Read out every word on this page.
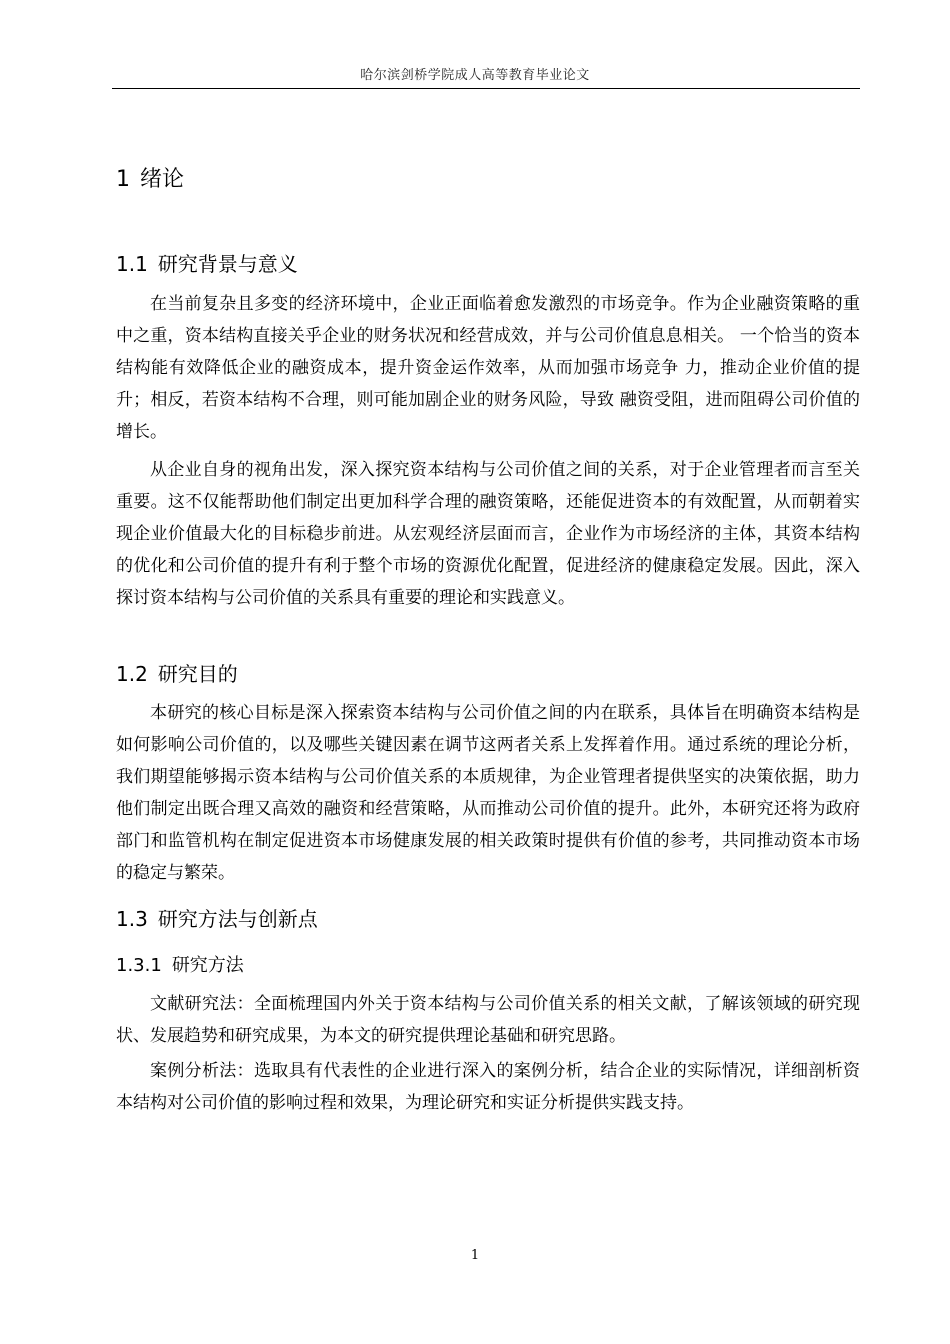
哈尔滨剑桥学院成人高等教育毕业论文
1 绪论
1.1 研究背景与意义

在当前复杂且多变的经济环境中，企业正面临着愈发激烈的市场竞争。作为企业融资策略的重中之重，资本结构直接关乎企业的财务状况和经营成效，并与公司价值息息相关。 一个恰当的资本结构能有效降低企业的融资成本，提升资金运作效率，从而加强市场竞争 力，推动企业价值的提升；相反，若资本结构不合理，则可能加剧企业的财务风险，导致 融资受阻，进而阻碍公司价值的增长。

从企业自身的视角出发，深入探究资本结构与公司价值之间的关系，对于企业管理者而言至关重要。这不仅能帮助他们制定出更加科学合理的融资策略，还能促进资本的有效配置，从而朝着实现企业价值最大化的目标稳步前进。从宏观经济层面而言，企业作为市场经济的主体，其资本结构的优化和公司价值的提升有利于整个市场的资源优化配置，促进经济的健康稳定发展。因此，深入探讨资本结构与公司价值的关系具有重要的理论和实践意义。

1.2 研究目的

本研究的核心目标是深入探索资本结构与公司价值之间的内在联系，具体旨在明确资本结构是如何影响公司价值的，以及哪些关键因素在调节这两者关系上发挥着作用。通过系统的理论分析，我们期望能够揭示资本结构与公司价值关系的本质规律，为企业管理者提供坚实的决策依据，助力他们制定出既合理又高效的融资和经营策略，从而推动公司价值的提升。此外，本研究还将为政府部门和监管机构在制定促进资本市场健康发展的相关政策时提供有价值的参考，共同推动资本市场的稳定与繁荣。

1.3 研究方法与创新点
1.3.1 研究方法

文献研究法：全面梳理国内外关于资本结构与公司价值关系的相关文献，了解该领域的研究现状、发展趋势和研究成果，为本文的研究提供理论基础和研究思路。

案例分析法：选取具有代表性的企业进行深入的案例分析，结合企业的实际情况，详细剖析资本结构对公司价值的影响过程和效果，为理论研究和实证分析提供实践支持。

1
